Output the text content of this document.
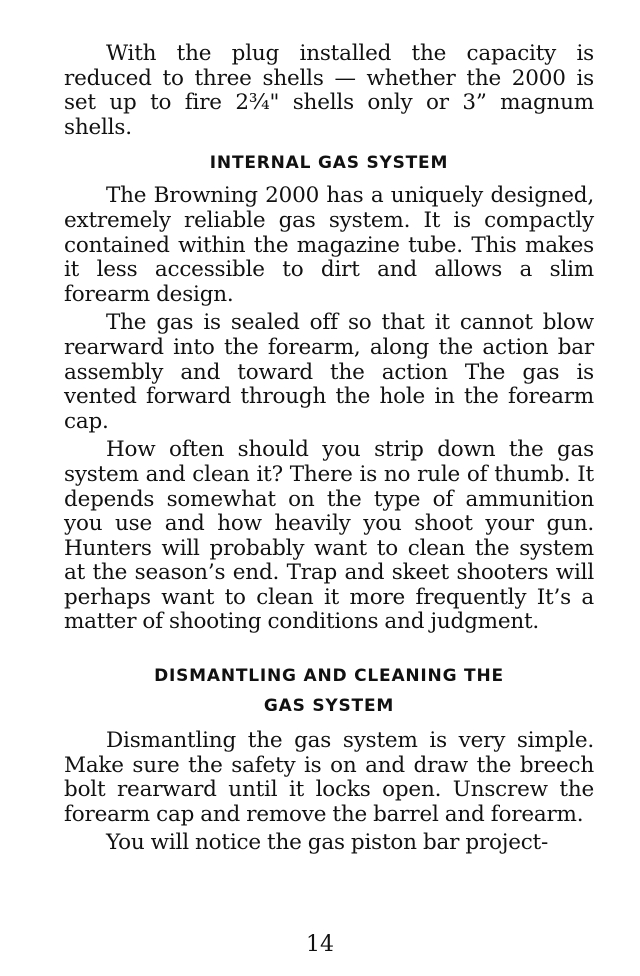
With the plug installed the capacity is reduced to three shells — whether the 2000 is set up to fire 2¾" shells only or 3” magnum shells.

INTERNAL GAS SYSTEM

The Browning 2000 has a uniquely designed, extremely reliable gas system. It is compactly contained within the magazine tube. This makes it less accessible to dirt and allows a slim forearm design.

The gas is sealed off so that it cannot blow rearward into the forearm, along the action bar assembly and toward the action The gas is vented forward through the hole in the forearm cap.

How often should you strip down the gas system and clean it? There is no rule of thumb. It depends somewhat on the type of ammunition you use and how heavily you shoot your gun. Hunters will probably want to clean the system at the season’s end. Trap and skeet shooters will perhaps want to clean it more frequently It’s a matter of shooting conditions and judgment.

DISMANTLING AND CLEANING THE
GAS SYSTEM

Dismantling the gas system is very simple. Make sure the safety is on and draw the breech bolt rearward until it locks open. Unscrew the forearm cap and remove the barrel and forearm.

You will notice the gas piston bar project-

14
